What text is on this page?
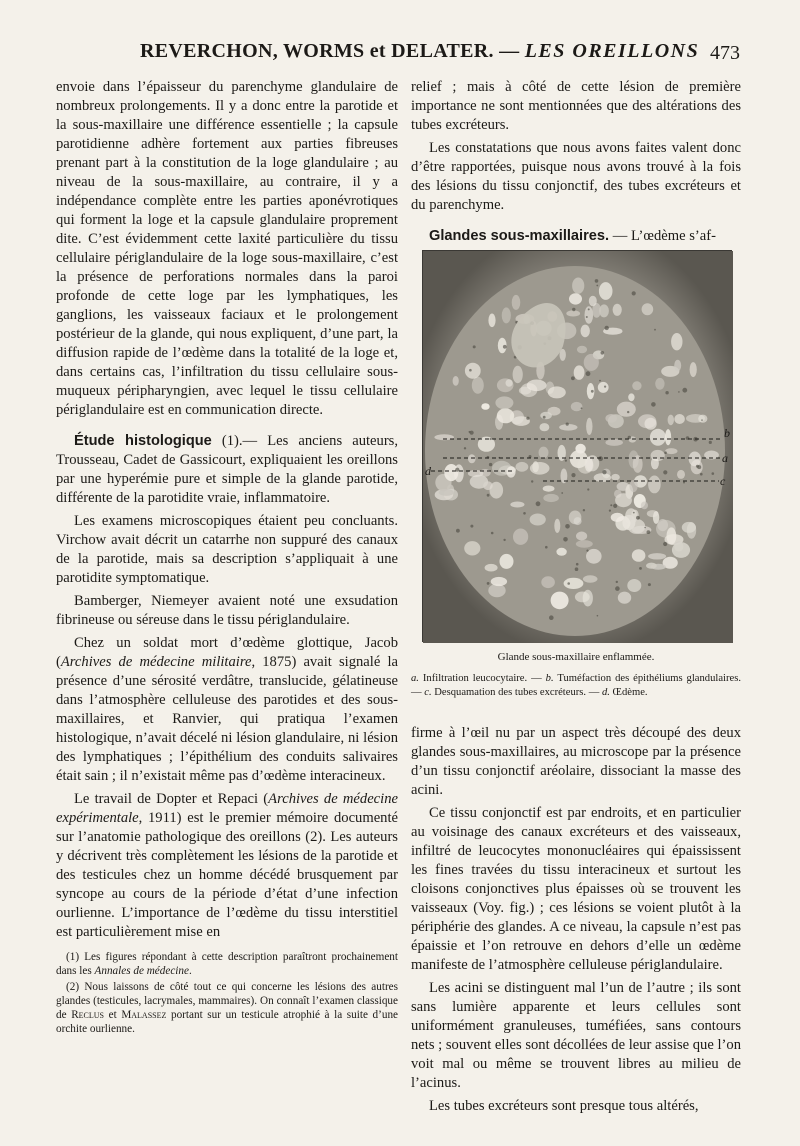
REVERCHON, WORMS et DELATER. — LES OREILLONS 473

envoie dans l’épaisseur du parenchyme glandulaire de nombreux prolongements. Il y a donc entre la parotide et la sous-maxillaire une différence essentielle ; la capsule parotidienne adhère fortement aux parties fibreuses prenant part à la constitution de la loge glandulaire ; au niveau de la sous-maxillaire, au contraire, il y a indépendance complète entre les parties aponévrotiques qui forment la loge et la capsule glandulaire proprement dite. C’est évidemment cette laxité particulière du tissu cellulaire périglandulaire de la loge sous-maxillaire, c’est la présence de perforations normales dans la paroi profonde de cette loge par les lymphatiques, les ganglions, les vaisseaux faciaux et le prolongement postérieur de la glande, qui nous expliquent, d’une part, la diffusion rapide de l’œdème dans la totalité de la loge et, dans certains cas, l’infiltration du tissu cellulaire sous-muqueux péripharyngien, avec lequel le tissu cellulaire périglandulaire est en communication directe.

Étude histologique (1).— Les anciens auteurs, Trousseau, Cadet de Gassicourt, expliquaient les oreillons par une hyperémie pure et simple de la glande parotide, différente de la parotidite vraie, inflammatoire.

Les examens microscopiques étaient peu concluants. Virchow avait décrit un catarrhe non suppuré des canaux de la parotide, mais sa description s’appliquait à une parotidite symptomatique.

Bamberger, Niemeyer avaient noté une exsudation fibrineuse ou séreuse dans le tissu périglandulaire.

Chez un soldat mort d’œdème glottique, Jacob (Archives de médecine militaire, 1875) avait signalé la présence d’une sérosité verdâtre, translucide, gélatineuse dans l’atmosphère celluleuse des parotides et des sous-maxillaires, et Ranvier, qui pratiqua l’examen histologique, n’avait décelé ni lésion glandulaire, ni lésion des lymphatiques ; l’épithélium des conduits salivaires était sain ; il n’existait même pas d’œdème interacineux.

Le travail de Dopter et Repaci (Archives de médecine expérimentale, 1911) est le premier mémoire documenté sur l’anatomie pathologique des oreillons (2). Les auteurs y décrivent très complètement les lésions de la parotide et des testicules chez un homme décédé brusquement par syncope au cours de la période d’état d’une infection ourlienne. L’importance de l’œdème du tissu interstitiel est particulièrement mise en

(1) Les figures répondant à cette description paraîtront prochainement dans les Annales de médecine.

(2) Nous laissons de côté tout ce qui concerne les lésions des autres glandes (testicules, lacrymales, mammaires). On connaît l’examen classique de Reclus et Malassez portant sur un testicule atrophié à la suite d’une orchite ourlienne.

relief ; mais à côté de cette lésion de première importance ne sont mentionnées que des altérations des tubes excréteurs.

Les constatations que nous avons faites valent donc d’être rapportées, puisque nous avons trouvé à la fois des lésions du tissu conjonctif, des tubes excréteurs et du parenchyme.

Glandes sous-maxillaires. — L’œdème s’af-

b
a
d
c
Glande sous-maxillaire enflammée.
a. Infiltration leucocytaire. — b. Tuméfaction des épithéliums glandulaires. — c. Desquamation des tubes excréteurs. — d. Œdème.

firme à l’œil nu par un aspect très découpé des deux glandes sous-maxillaires, au microscope par la présence d’un tissu conjonctif aréolaire, dissociant la masse des acini.

Ce tissu conjonctif est par endroits, et en particulier au voisinage des canaux excréteurs et des vaisseaux, infiltré de leucocytes mononucléaires qui épaississent les fines travées du tissu interacineux et surtout les cloisons conjonctives plus épaisses où se trouvent les vaisseaux (Voy. fig.) ; ces lésions se voient plutôt à la périphérie des glandes. A ce niveau, la capsule n’est pas épaissie et l’on retrouve en dehors d’elle un œdème manifeste de l’atmosphère celluleuse périglandulaire.

Les acini se distinguent mal l’un de l’autre ; ils sont sans lumière apparente et leurs cellules sont uniformément granuleuses, tuméfiées, sans contours nets ; souvent elles sont décollées de leur assise que l’on voit mal ou même se trouvent libres au milieu de l’acinus.

Les tubes excréteurs sont presque tous altérés,
